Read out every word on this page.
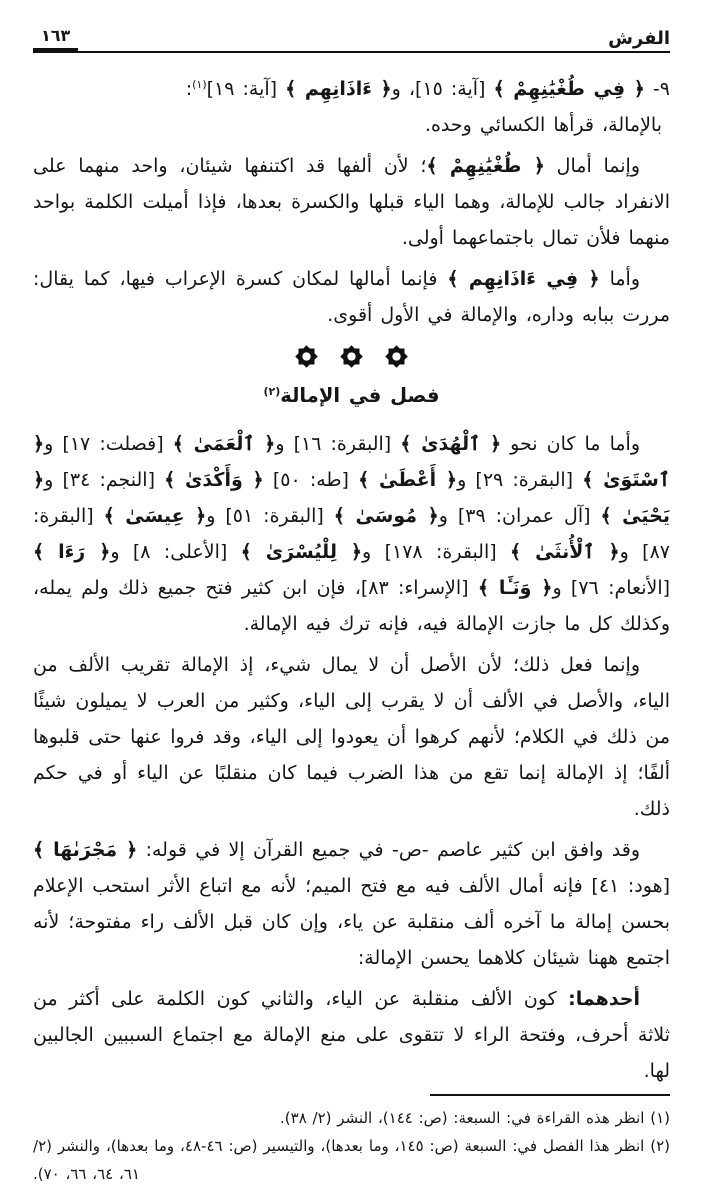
الفرش
١٦٣
٩- ﴿ فِي طُغْيَٰنِهِمْ ﴾ [آية: ١٥]، و﴿ ءَاذَانِهِم ﴾ [آية: ١٩]$^{(١)}$:
بالإمالة، قرأها الكسائي وحده.

وإنما أمال ﴿ طُغْيَٰنِهِمْ ﴾؛ لأن ألفها قد اكتنفها شيئان، واحد منهما على الانفراد جالب للإمالة، وهما الياء قبلها والكسرة بعدها، فإذا أميلت الكلمة بواحد منهما فلأن تمال باجتماعهما أولى.

وأما ﴿ فِي ءَاذَانِهِم ﴾ فإنما أمالها لمكان كسرة الإعراب فيها، كما يقال: مررت ببابه وداره، والإمالة في الأول أقوى.

فصل في الإمالة$^{(٢)}$

وأما ما كان نحو ﴿ ٱلْهُدَىٰ ﴾ [البقرة: ١٦] و﴿ ٱلْعَمَىٰ ﴾ [فصلت: ١٧] و﴿ ٱسْتَوَىٰ ﴾ [البقرة: ٢٩] و﴿ أَعْطَىٰ ﴾ [طه: ٥٠] ﴿ وَأَكْدَىٰ ﴾ [النجم: ٣٤] و﴿ يَحْيَىٰ ﴾ [آل عمران: ٣٩] و﴿ مُوسَىٰ ﴾ [البقرة: ٥١] و﴿ عِيسَىٰ ﴾ [البقرة: ٨٧] و﴿ ٱلْأُنثَىٰ ﴾ [البقرة: ١٧٨] و﴿ لِلْيُسْرَىٰ ﴾ [الأعلى: ٨] و﴿ رَءَا ﴾ [الأنعام: ٧٦] و﴿ وَنَـَٔا ﴾ [الإسراء: ٨٣]، فإن ابن كثير فتح جميع ذلك ولم يمله، وكذلك كل ما جازت الإمالة فيه، فإنه ترك فيه الإمالة.

وإنما فعل ذلك؛ لأن الأصل أن لا يمال شيء، إذ الإمالة تقريب الألف من الياء، والأصل في الألف أن لا يقرب إلى الياء، وكثير من العرب لا يميلون شيئًا من ذلك في الكلام؛ لأنهم كرهوا أن يعودوا إلى الياء، وقد فروا عنها حتى قلبوها ألفًا؛ إذ الإمالة إنما تقع من هذا الضرب فيما كان منقلبًا عن الياء أو في حكم ذلك.

وقد وافق ابن كثير عاصم -ص- في جميع القرآن إلا في قوله: ﴿ مَجْرَىٰهَا ﴾ [هود: ٤١] فإنه أمال الألف فيه مع فتح الميم؛ لأنه مع اتباع الأثر استحب الإعلام بحسن إمالة ما آخره ألف منقلبة عن ياء، وإن كان قبل الألف راء مفتوحة؛ لأنه اجتمع ههنا شيئان كلاهما يحسن الإمالة:

أحدهما: كون الألف منقلبة عن الياء، والثاني كون الكلمة على أكثر من ثلاثة أحرف، وفتحة الراء لا تتقوى على منع الإمالة مع اجتماع السببين الجالبين لها.

(١) انظر هذه القراءة في: السبعة: (ص: ١٤٤)، النشر (٢/ ٣٨).
(٢) انظر هذا الفصل في: السبعة (ص: ١٤٥، وما بعدها)، والتيسير (ص: ٤٦-٤٨، وما بعدها)، والنشر (٢/ ٦١، ٦٤، ٦٦، ٧٠).
